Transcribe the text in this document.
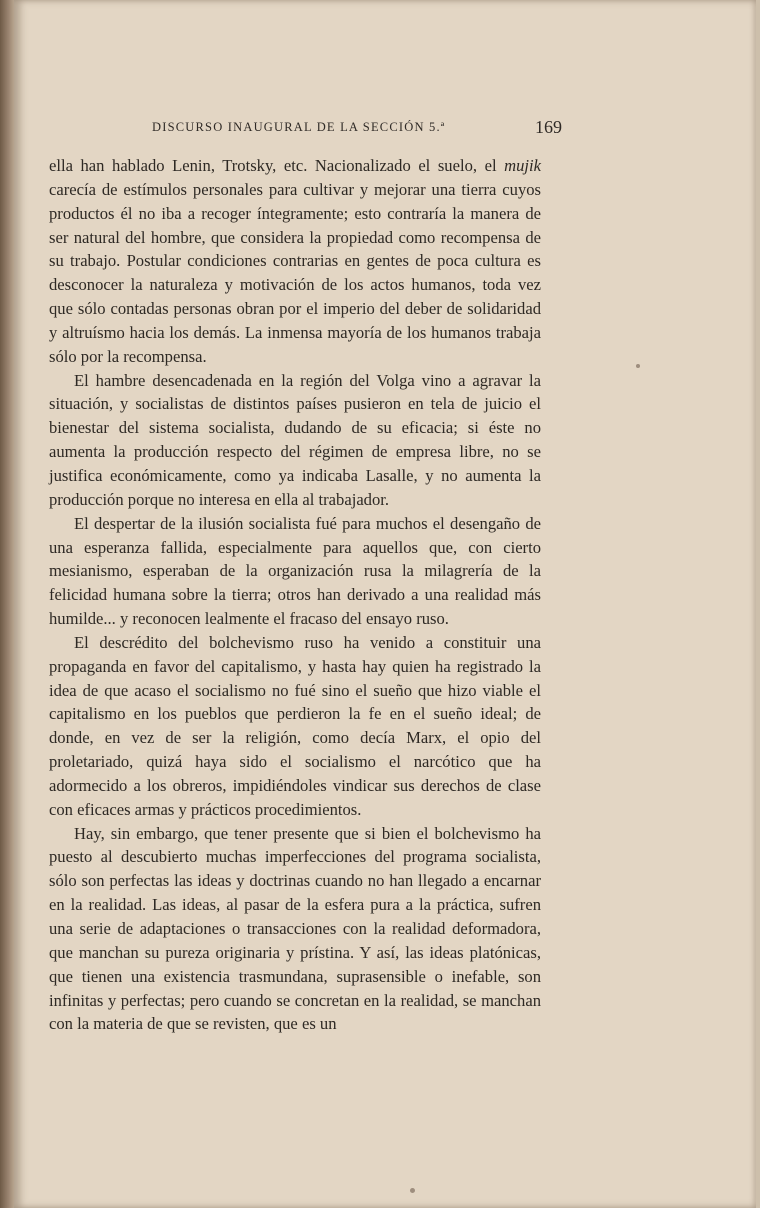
DISCURSO INAUGURAL DE LA SECCIÓN 5.ª	169

ella han hablado Lenin, Trotsky, etc. Nacionalizado el suelo, el mujik carecía de estímulos personales para cultivar y mejorar una tierra cuyos productos él no iba a recoger íntegramente; esto contraría la manera de ser natural del hombre, que considera la propiedad como recompensa de su trabajo. Postular condiciones contrarias en gentes de poca cultura es desconocer la naturaleza y motivación de los actos humanos, toda vez que sólo contadas personas obran por el imperio del deber de solidaridad y altruísmo hacia los demás. La inmensa mayoría de los humanos trabaja sólo por la recompensa.

El hambre desencadenada en la región del Volga vino a agravar la situación, y socialistas de distintos países pusieron en tela de juicio el bienestar del sistema socialista, dudando de su eficacia; si éste no aumenta la producción respecto del régimen de empresa libre, no se justifica económicamente, como ya indicaba Lasalle, y no aumenta la producción porque no interesa en ella al trabajador.

El despertar de la ilusión socialista fué para muchos el desengaño de una esperanza fallida, especialmente para aquellos que, con cierto mesianismo, esperaban de la organización rusa la milagrería de la felicidad humana sobre la tierra; otros han derivado a una realidad más humilde... y reconocen lealmente el fracaso del ensayo ruso.

El descrédito del bolchevismo ruso ha venido a constituir una propaganda en favor del capitalismo, y hasta hay quien ha registrado la idea de que acaso el socialismo no fué sino el sueño que hizo viable el capitalismo en los pueblos que perdieron la fe en el sueño ideal; de donde, en vez de ser la religión, como decía Marx, el opio del proletariado, quizá haya sido el socialismo el narcótico que ha adormecido a los obreros, impidiéndoles vindicar sus derechos de clase con eficaces armas y prácticos procedimientos.

Hay, sin embargo, que tener presente que si bien el bolchevismo ha puesto al descubierto muchas imperfecciones del programa socialista, sólo son perfectas las ideas y doctrinas cuando no han llegado a encarnar en la realidad. Las ideas, al pasar de la esfera pura a la práctica, sufren una serie de adaptaciones o transacciones con la realidad deformadora, que manchan su pureza originaria y prístina. Y así, las ideas platónicas, que tienen una existencia trasmundana, suprasensible o inefable, son infinitas y perfectas; pero cuando se concretan en la realidad, se manchan con la materia de que se revisten, que es un
